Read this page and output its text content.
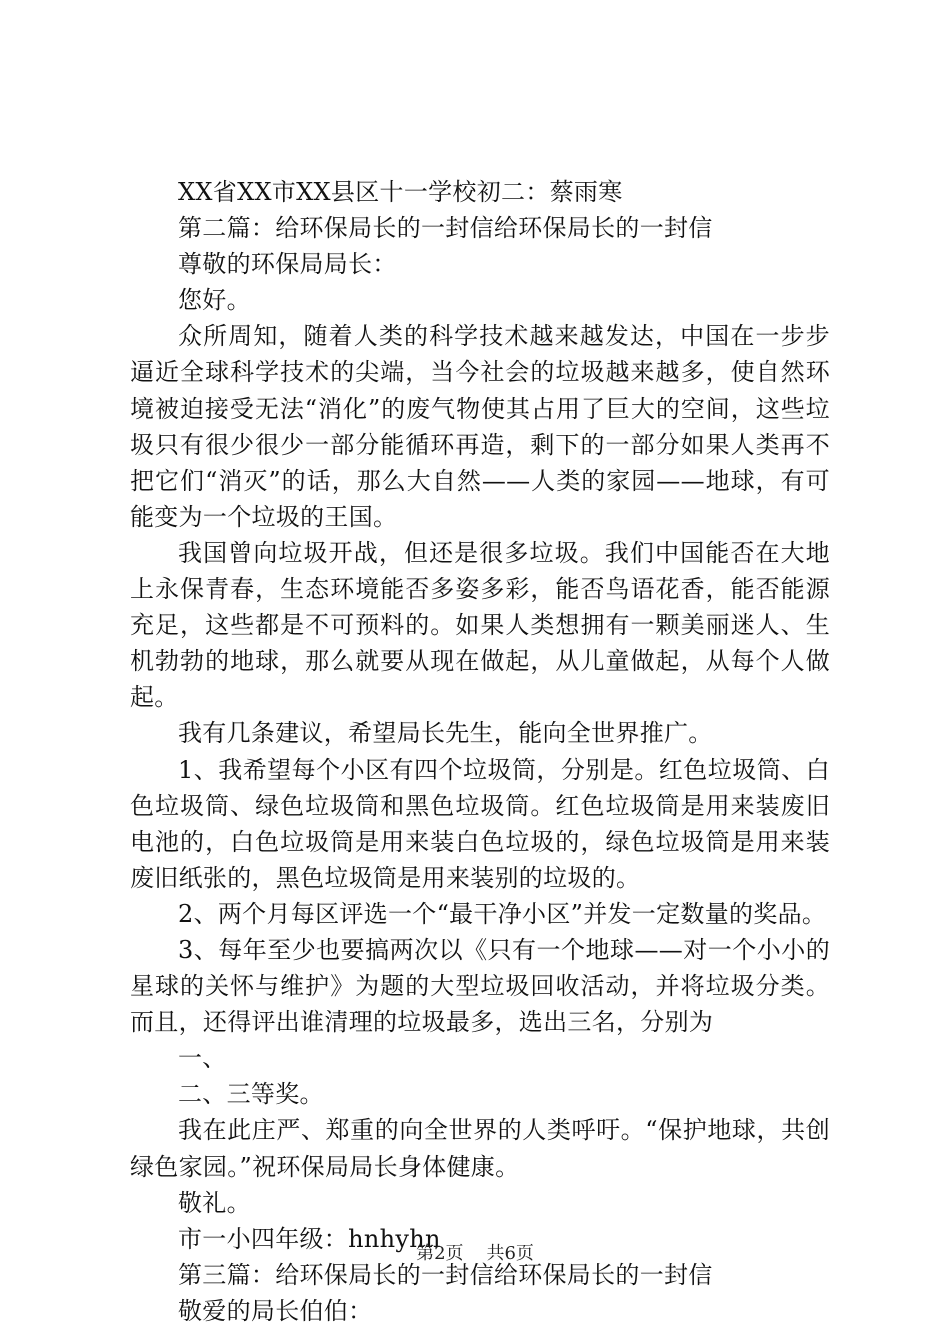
XX省XX市XX县区十一学校初二：蔡雨寒

第二篇：给环保局长的一封信给环保局长的一封信

尊敬的环保局局长：

您好。

众所周知，随着人类的科学技术越来越发达，中国在一步步逼近全球科学技术的尖端，当今社会的垃圾越来越多，使自然环境被迫接受无法“消化”的废气物使其占用了巨大的空间，这些垃圾只有很少很少一部分能循环再造，剩下的一部分如果人类再不把它们“消灭”的话，那么大自然——人类的家园——地球，有可能变为一个垃圾的王国。

我国曾向垃圾开战，但还是很多垃圾。我们中国能否在大地上永保青春，生态环境能否多姿多彩，能否鸟语花香，能否能源充足，这些都是不可预料的。如果人类想拥有一颗美丽迷人、生机勃勃的地球，那么就要从现在做起，从儿童做起，从每个人做起。

我有几条建议，希望局长先生，能向全世界推广。

1、我希望每个小区有四个垃圾筒，分别是。红色垃圾筒、白色垃圾筒、绿色垃圾筒和黑色垃圾筒。红色垃圾筒是用来装废旧电池的，白色垃圾筒是用来装白色垃圾的，绿色垃圾筒是用来装废旧纸张的，黑色垃圾筒是用来装别的垃圾的。

2、两个月每区评选一个“最干净小区”并发一定数量的奖品。

3、每年至少也要搞两次以《只有一个地球——对一个小小的星球的关怀与维护》为题的大型垃圾回收活动，并将垃圾分类。而且，还得评出谁清理的垃圾最多，选出三名，分别为

一、

二、三等奖。

我在此庄严、郑重的向全世界的人类呼吁。“保护地球，共创绿色家园。”祝环保局局长身体健康。

敬礼。

市一小四年级：hnhyhn

第三篇：给环保局长的一封信给环保局长的一封信

敬爱的局长伯伯：

第2页 共6页
